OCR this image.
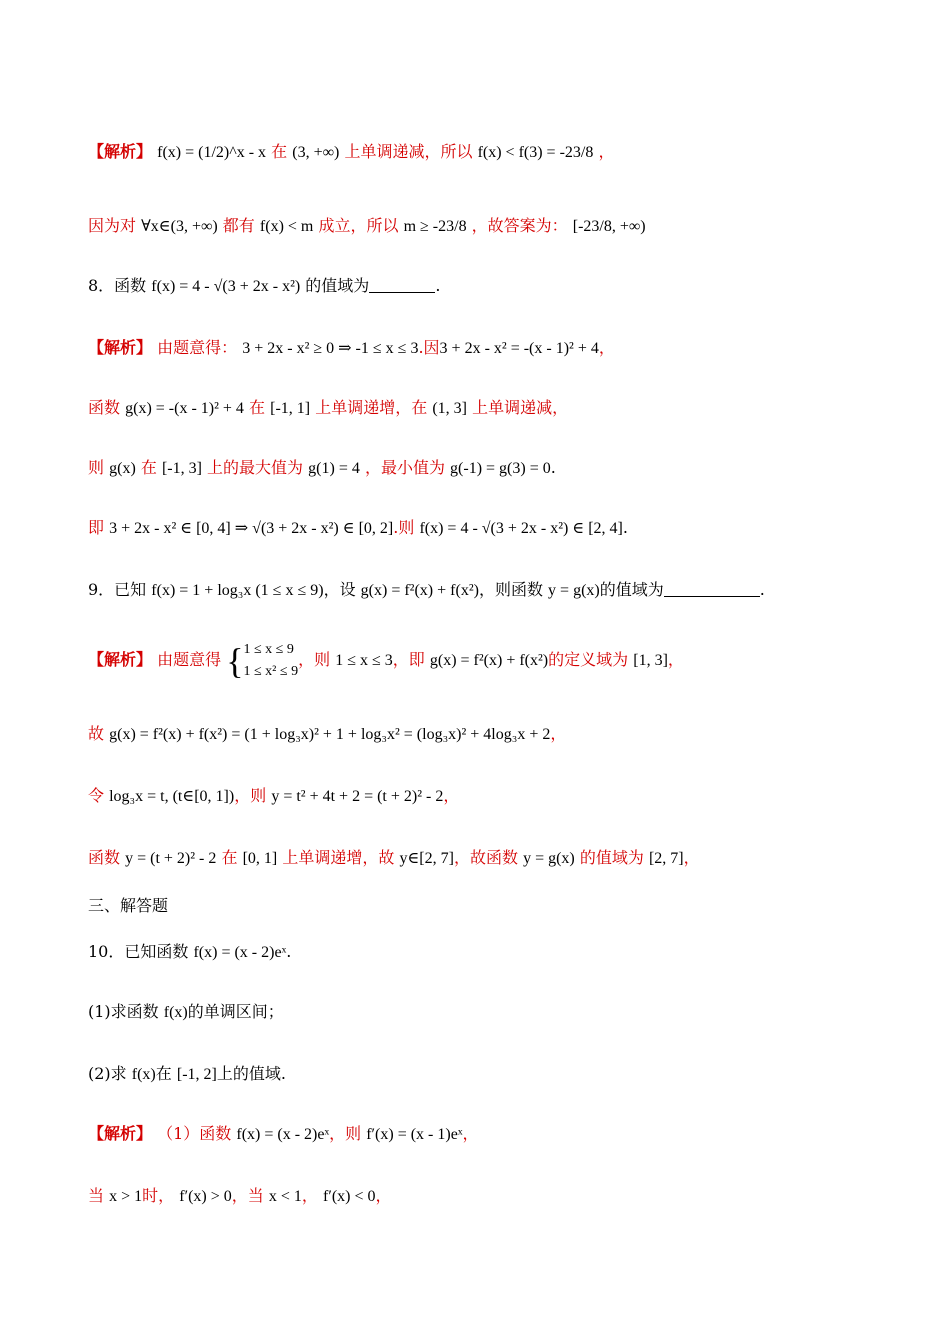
【解析】 f(x) = (1/2)^x - x 在 (3, +∞) 上单调递减，所以 f(x) < f(3) = -23/8 ，
因为对 ∀x∈(3, +∞) 都有 f(x) < m 成立，所以 m ≥ -23/8 ，故答案为： [-23/8, +∞)
8．函数 f(x) = 4 - √(3 + 2x - x²) 的值域为	.
【解析】 由题意得： 3 + 2x - x² ≥ 0 ⇒ -1 ≤ x ≤ 3.因3 + 2x - x² = -(x - 1)² + 4，
函数 g(x) = -(x - 1)² + 4 在 [-1, 1] 上单调递增，在 (1, 3] 上单调递减，
则 g(x) 在 [-1, 3] 上的最大值为 g(1) = 4 ，最小值为 g(-1) = g(3) = 0.
即 3 + 2x - x² ∈ [0, 4] ⇒ √(3 + 2x - x²) ∈ [0, 2].则 f(x) = 4 - √(3 + 2x - x²) ∈ [2, 4].
9．已知 f(x) = 1 + log₃x (1 ≤ x ≤ 9)，设 g(x) = f²(x) + f(x²)，则函数 y = g(x)的值域为	.
【解析】 由题意得 { 1 ≤ x ≤ 9
1 ≤ x² ≤ 9
，则 1 ≤ x ≤ 3，即 g(x) = f²(x) + f(x²)的定义域为 [1, 3]，
故 g(x) = f²(x) + f(x²) = (1 + log₃x)² + 1 + log₃x² = (log₃x)² + 4log₃x + 2，
令 log₃x = t, (t∈[0, 1])，则 y = t² + 4t + 2 = (t + 2)² - 2，
函数 y = (t + 2)² - 2 在 [0, 1] 上单调递增，故 y∈[2, 7]，故函数 y = g(x) 的值域为 [2, 7]，
三、解答题
10．已知函数 f(x) = (x - 2)eˣ.
(1)求函数 f(x)的单调区间；
(2)求 f(x)在 [-1, 2]上的值域.
【解析】 （1）函数 f(x) = (x - 2)eˣ，则 f′(x) = (x - 1)eˣ，
当 x > 1时， f′(x) > 0，当 x < 1， f′(x) < 0，
